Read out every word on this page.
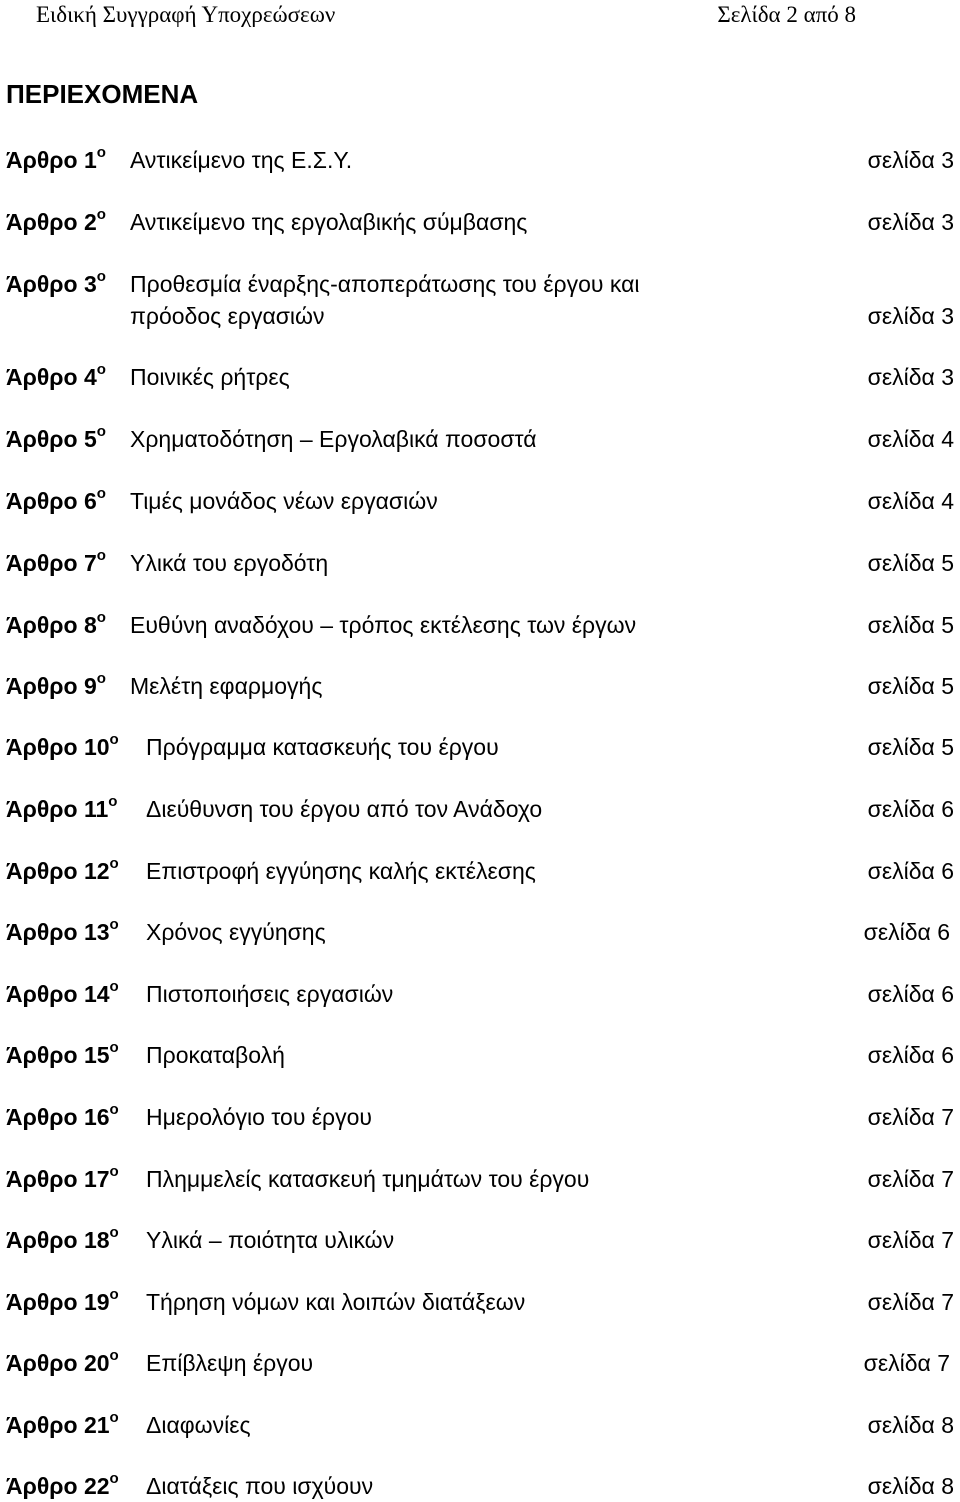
Ειδική Συγγραφή Υποχρεώσεων	Σελίδα 2 από 8
ΠΕΡΙΕΧΟΜΕΝΑ
Άρθρο $1^o$ Αντικείμενο της Ε.Σ.Υ.	σελίδα 3
Άρθρο $2^o$ Αντικείμενο της εργολαβικής σύμβασης	σελίδα 3
Άρθρο $3^o$ Προθεσμία έναρξης-αποπεράτωσης του έργου και
πρόοδος εργασιών	σελίδα 3
Άρθρο $4^o$ Ποινικές ρήτρες	σελίδα 3
Άρθρο $5^o$ Χρηματοδότηση – Εργολαβικά ποσοστά	σελίδα 4
Άρθρο $6^o$ Τιμές μονάδος νέων εργασιών	σελίδα 4
Άρθρο $7^o$ Υλικά του εργοδότη	σελίδα 5
Άρθρο $8^o$ Ευθύνη αναδόχου – τρόπος εκτέλεσης των έργων	σελίδα 5
Άρθρο $9^o$ Μελέτη εφαρμογής	σελίδα 5
Άρθρο $10^o$ Πρόγραμμα κατασκευής του έργου	σελίδα 5
Άρθρο $11^o$ Διεύθυνση του έργου από τον Ανάδοχο	σελίδα 6
Άρθρο $12^o$ Επιστροφή εγγύησης καλής εκτέλεσης	σελίδα 6
Άρθρο $13^o$ Χρόνος εγγύησης	σελίδα 6
Άρθρο $14^o$ Πιστοποιήσεις εργασιών	σελίδα 6
Άρθρο $15^o$ Προκαταβολή	σελίδα 6
Άρθρο $16^o$ Ημερολόγιο του έργου	σελίδα 7
Άρθρο $17^o$ Πλημμελείς κατασκευή τμημάτων του έργου	σελίδα 7
Άρθρο $18^o$ Υλικά – ποιότητα υλικών	σελίδα 7
Άρθρο $19^o$ Τήρηση νόμων και λοιπών διατάξεων	σελίδα 7
Άρθρο $20^o$ Επίβλεψη έργου	σελίδα 7
Άρθρο $21^o$ Διαφωνίες	σελίδα 8
Άρθρο $22^o$ Διατάξεις που ισχύουν	σελίδα 8
